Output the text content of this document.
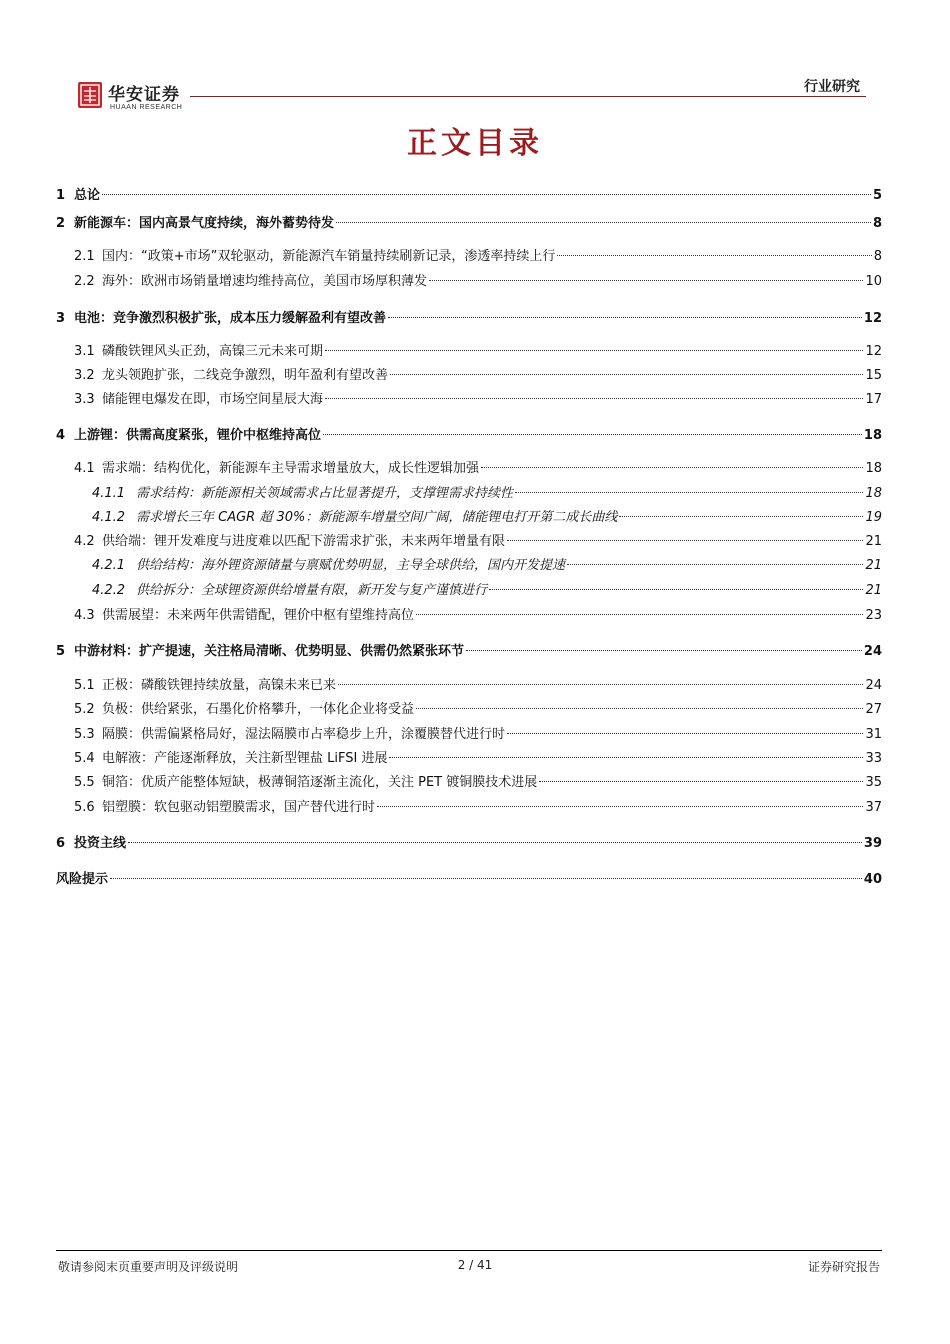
华安证券
HUAAN RESEARCH
行业研究
正文目录
1 总论	5
2 新能源车：国内高景气度持续，海外蓄势待发	8
2.1 国内：“政策+市场”双轮驱动，新能源汽车销量持续刷新记录，渗透率持续上行	8
2.2 海外：欧洲市场销量增速均维持高位，美国市场厚积薄发	10
3 电池：竞争激烈积极扩张，成本压力缓解盈利有望改善	12
3.1 磷酸铁锂风头正劲，高镍三元未来可期	12
3.2 龙头领跑扩张，二线竞争激烈，明年盈利有望改善	15
3.3 储能锂电爆发在即，市场空间星辰大海	17
4 上游锂：供需高度紧张，锂价中枢维持高位	18
4.1 需求端：结构优化，新能源车主导需求增量放大，成长性逻辑加强	18
4.1.1 需求结构：新能源相关领域需求占比显著提升，支撑锂需求持续性	18
4.1.2 需求增长三年 CAGR 超 30%：新能源车增量空间广阔，储能锂电打开第二成长曲线	19
4.2 供给端：锂开发难度与进度难以匹配下游需求扩张，未来两年增量有限	21
4.2.1 供给结构：海外锂资源储量与禀赋优势明显，主导全球供给，国内开发提速	21
4.2.2 供给拆分：全球锂资源供给增量有限，新开发与复产谨慎进行	21
4.3 供需展望：未来两年供需错配，锂价中枢有望维持高位	23
5 中游材料：扩产提速，关注格局清晰、优势明显、供需仍然紧张环节	24
5.1 正极：磷酸铁锂持续放量，高镍未来已来	24
5.2 负极：供给紧张，石墨化价格攀升，一体化企业将受益	27
5.3 隔膜：供需偏紧格局好，湿法隔膜市占率稳步上升，涂覆膜替代进行时	31
5.4 电解液：产能逐渐释放，关注新型锂盐 LiFSI 进展	33
5.5 铜箔：优质产能整体短缺，极薄铜箔逐渐主流化，关注 PET 镀铜膜技术进展	35
5.6 铝塑膜：软包驱动铝塑膜需求，国产替代进行时	37
6 投资主线	39
风险提示	40
敬请参阅末页重要声明及评级说明	2 / 41	证券研究报告
